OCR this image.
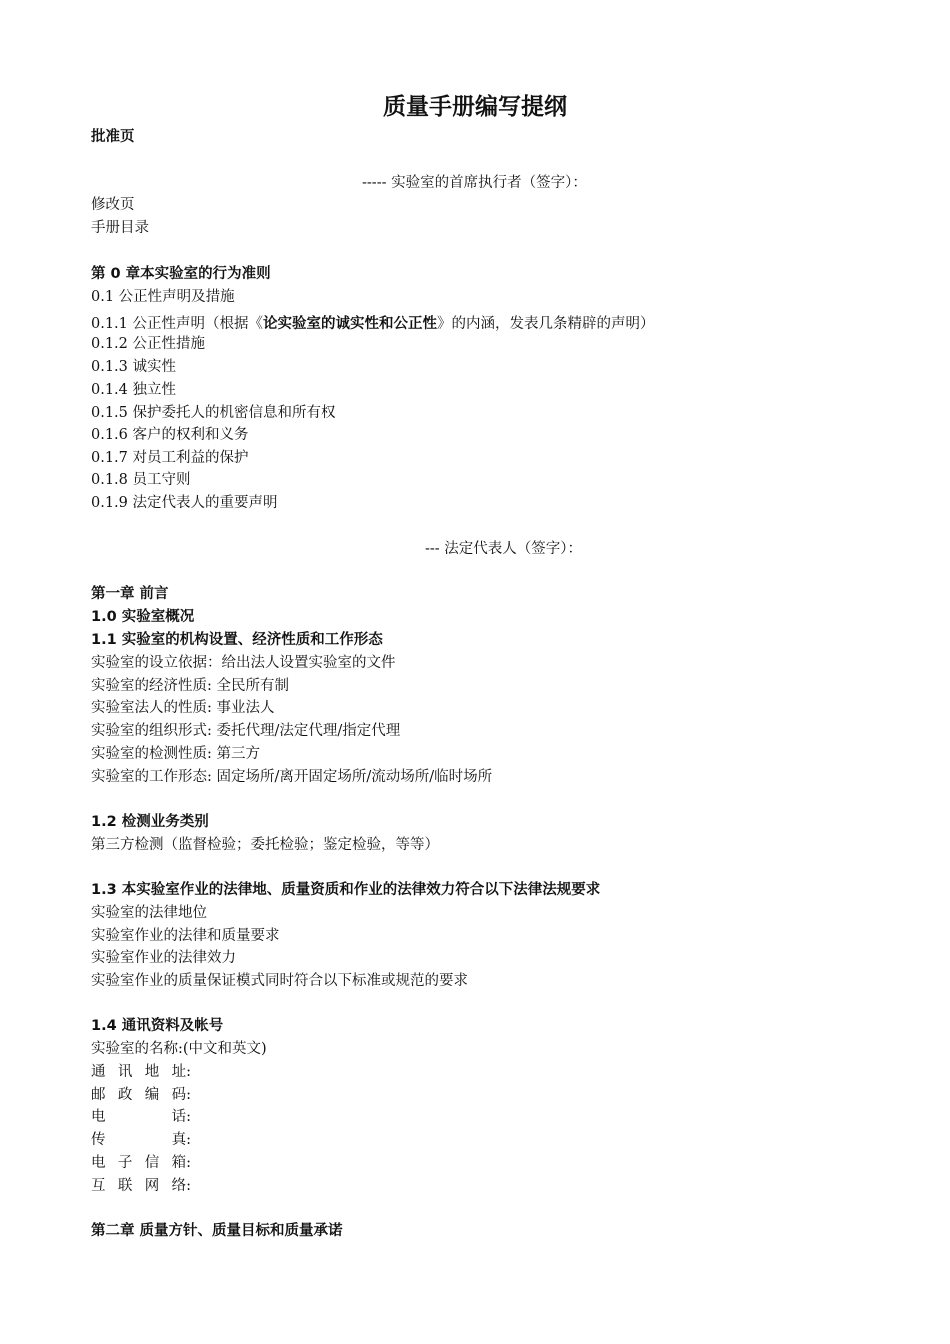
质量手册编写提纲
批准页
----- 实验室的首席执行者（签字）：
修改页
手册目录
第 0 章本实验室的行为准则
0.1 公正性声明及措施
0.1.1 公正性声明（根据《论实验室的诚实性和公正性》的内涵，发表几条精辟的声明）
0.1.2 公正性措施
0.1.3 诚实性
0.1.4 独立性
0.1.5 保护委托人的机密信息和所有权
0.1.6 客户的权利和义务
0.1.7 对员工利益的保护
0.1.8 员工守则
0.1.9 法定代表人的重要声明
--- 法定代表人（签字）：
第一章 前言
1.0 实验室概况
1.1 实验室的机构设置、经济性质和工作形态
实验室的设立依据：给出法人设置实验室的文件
实验室的经济性质: 全民所有制
实验室法人的性质: 事业法人
实验室的组织形式: 委托代理/法定代理/指定代理
实验室的检测性质: 第三方
实验室的工作形态: 固定场所/离开固定场所/流动场所/临时场所
1.2 检测业务类别
第三方检测（监督检验；委托检验；鉴定检验，等等）
1.3 本实验室作业的法律地、质量资质和作业的法律效力符合以下法律法规要求
实验室的法律地位
实验室作业的法律和质量要求
实验室作业的法律效力
实验室作业的质量保证模式同时符合以下标准或规范的要求
1.4 通讯资料及帐号
实验室的名称:(中文和英文)
通 讯 地 址:
邮 政 编 码:
电	话:
传	真:
电 子 信 箱:
互 联 网 络:
第二章 质量方针、质量目标和质量承诺
